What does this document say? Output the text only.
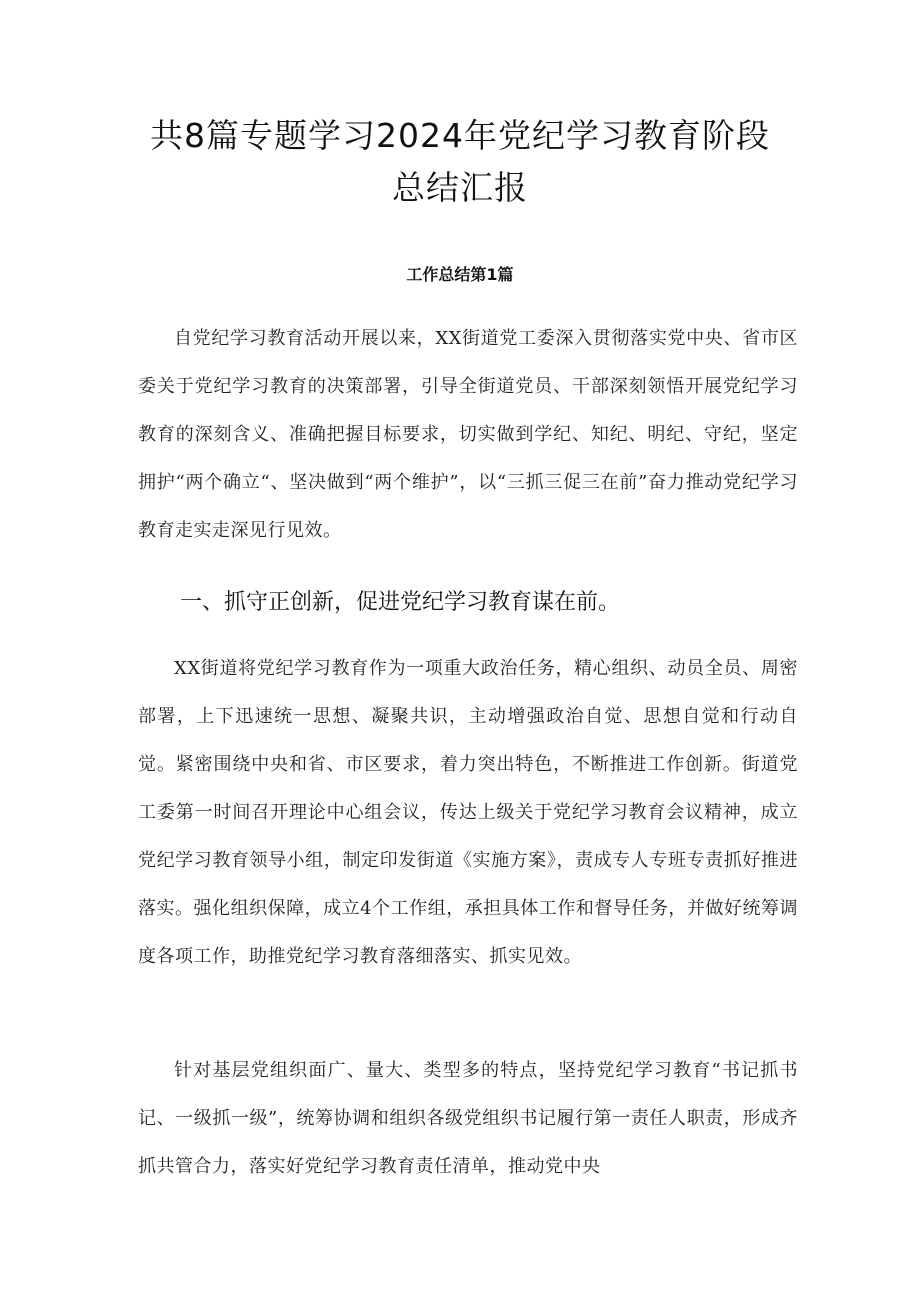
共8篇专题学习2024年党纪学习教育阶段
总结汇报
工作总结第1篇

自党纪学习教育活动开展以来，XX街道党工委深入贯彻落实党中央、省市区委关于党纪学习教育的决策部署，引导全街道党员、干部深刻领悟开展党纪学习教育的深刻含义、准确把握目标要求，切实做到学纪、知纪、明纪、守纪，坚定拥护“两个确立“、坚决做到“两个维护”，以“三抓三促三在前”奋力推动党纪学习教育走实走深见行见效。

一、抓守正创新，促进党纪学习教育谋在前。

XX街道将党纪学习教育作为一项重大政治任务，精心组织、动员全员、周密部署，上下迅速统一思想、凝聚共识，主动增强政治自觉、思想自觉和行动自觉。紧密围绕中央和省、市区要求，着力突出特色，不断推进工作创新。街道党工委第一时间召开理论中心组会议，传达上级关于党纪学习教育会议精神，成立党纪学习教育领导小组，制定印发街道《实施方案》，责成专人专班专责抓好推进落实。强化组织保障，成立4个工作组，承担具体工作和督导任务，并做好统筹调度各项工作，助推党纪学习教育落细落实、抓实见效。

针对基层党组织面广、量大、类型多的特点，坚持党纪学习教育“书记抓书记、一级抓一级”，统筹协调和组织各级党组织书记履行第一责任人职责，形成齐抓共管合力，落实好党纪学习教育责任清单，推动党中央
